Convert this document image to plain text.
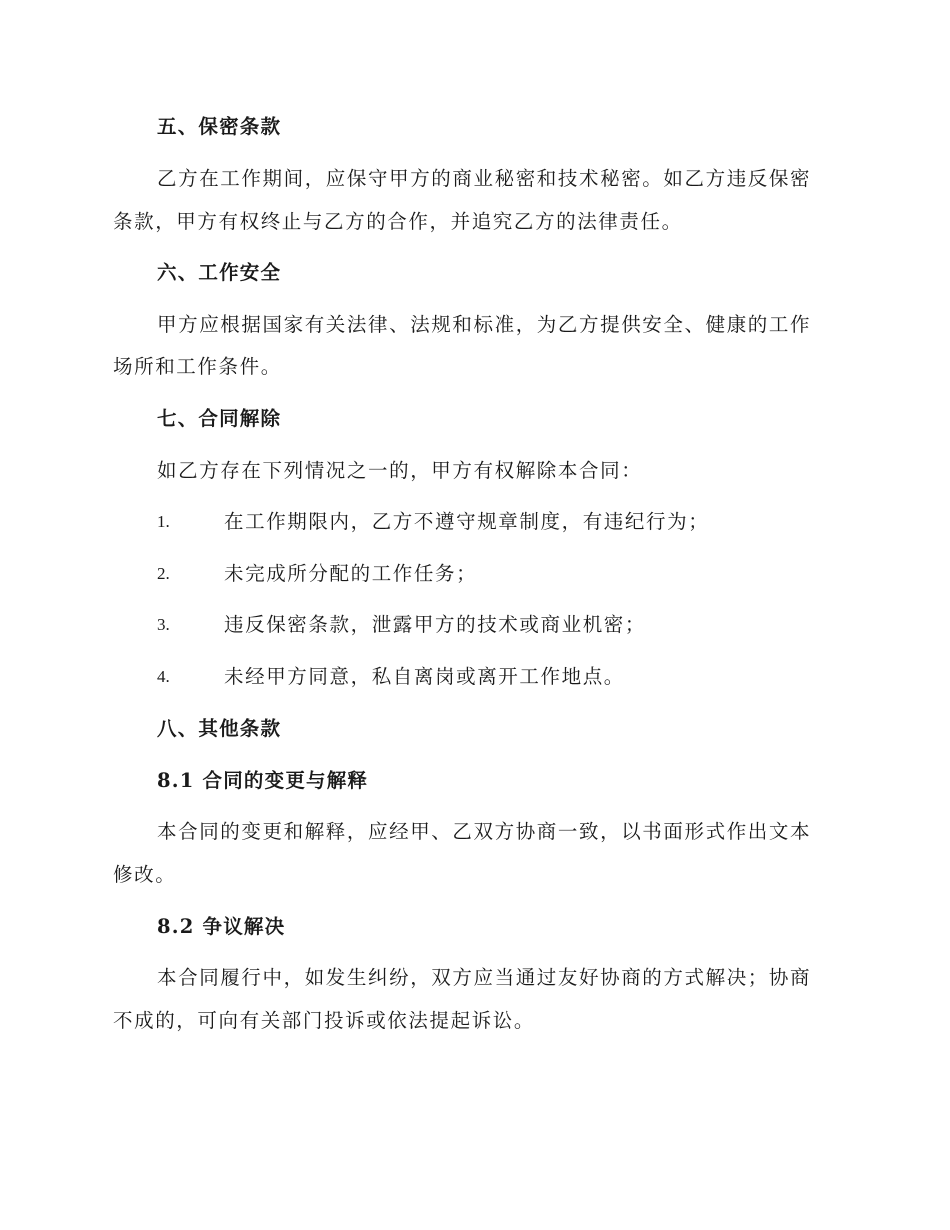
五、保密条款
乙方在工作期间，应保守甲方的商业秘密和技术秘密。如乙方违反保密
条款，甲方有权终止与乙方的合作，并追究乙方的法律责任。
六、工作安全
甲方应根据国家有关法律、法规和标准，为乙方提供安全、健康的工作
场所和工作条件。
七、合同解除
如乙方存在下列情况之一的，甲方有权解除本合同：
1.	在工作期限内，乙方不遵守规章制度，有违纪行为；
2.	未完成所分配的工作任务；
3.	违反保密条款，泄露甲方的技术或商业机密；
4.	未经甲方同意，私自离岗或离开工作地点。
八、其他条款
8.1 合同的变更与解释
本合同的变更和解释，应经甲、乙双方协商一致，以书面形式作出文本
修改。
8.2 争议解决
本合同履行中，如发生纠纷，双方应当通过友好协商的方式解决；协商
不成的，可向有关部门投诉或依法提起诉讼。
